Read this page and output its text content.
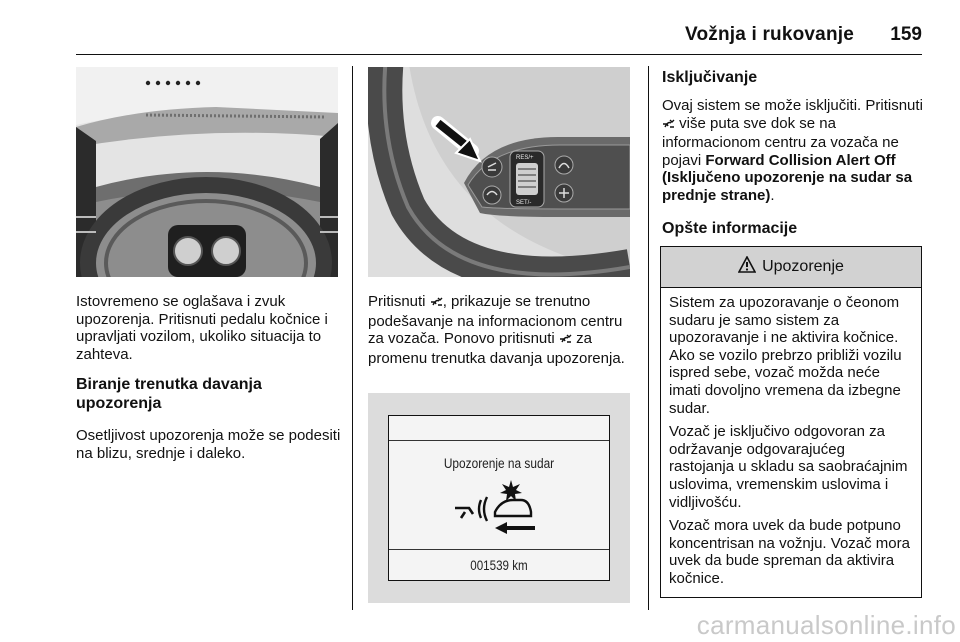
Vožnja i rukovanje	159
Istovremeno se oglašava i zvuk upozorenja. Pritisnuti pedalu kočnice i upravljati vozilom, ukoliko situacija to zahteva.
Biranje trenutka davanja upozorenja
Osetljivost upozorenja može se podesiti na blizu, srednje i daleko.
RES/+
SET/-
Pritisnuti , prikazuje se trenutno podešavanje na informacionom centru za vozača. Ponovo pritisnuti  za promenu trenutka davanja upozorenja.
Upozorenje na sudar
001539 km
Isključivanje
Ovaj sistem se može isključiti. Pritisnuti  više puta sve dok se na informacionom centru za vozača ne pojavi Forward Collision Alert Off (Isključeno upozorenje na sudar sa prednje strane).
Opšte informacije
Upozorenje

Sistem za upozoravanje o čeonom sudaru je samo sistem za upozoravanje i ne aktivira kočnice. Ako se vozilo prebrzo približi vozilu ispred sebe, vozač možda neće imati dovoljno vremena da izbegne sudar.

Vozač je isključivo odgovoran za održavanje odgovarajućeg rastojanja u skladu sa saobraćajnim uslovima, vremenskim uslovima i vidljivošću.

Vozač mora uvek da bude potpuno koncentrisan na vožnju. Vozač mora uvek da bude spreman da aktivira kočnice.

carmanualsonline.info
